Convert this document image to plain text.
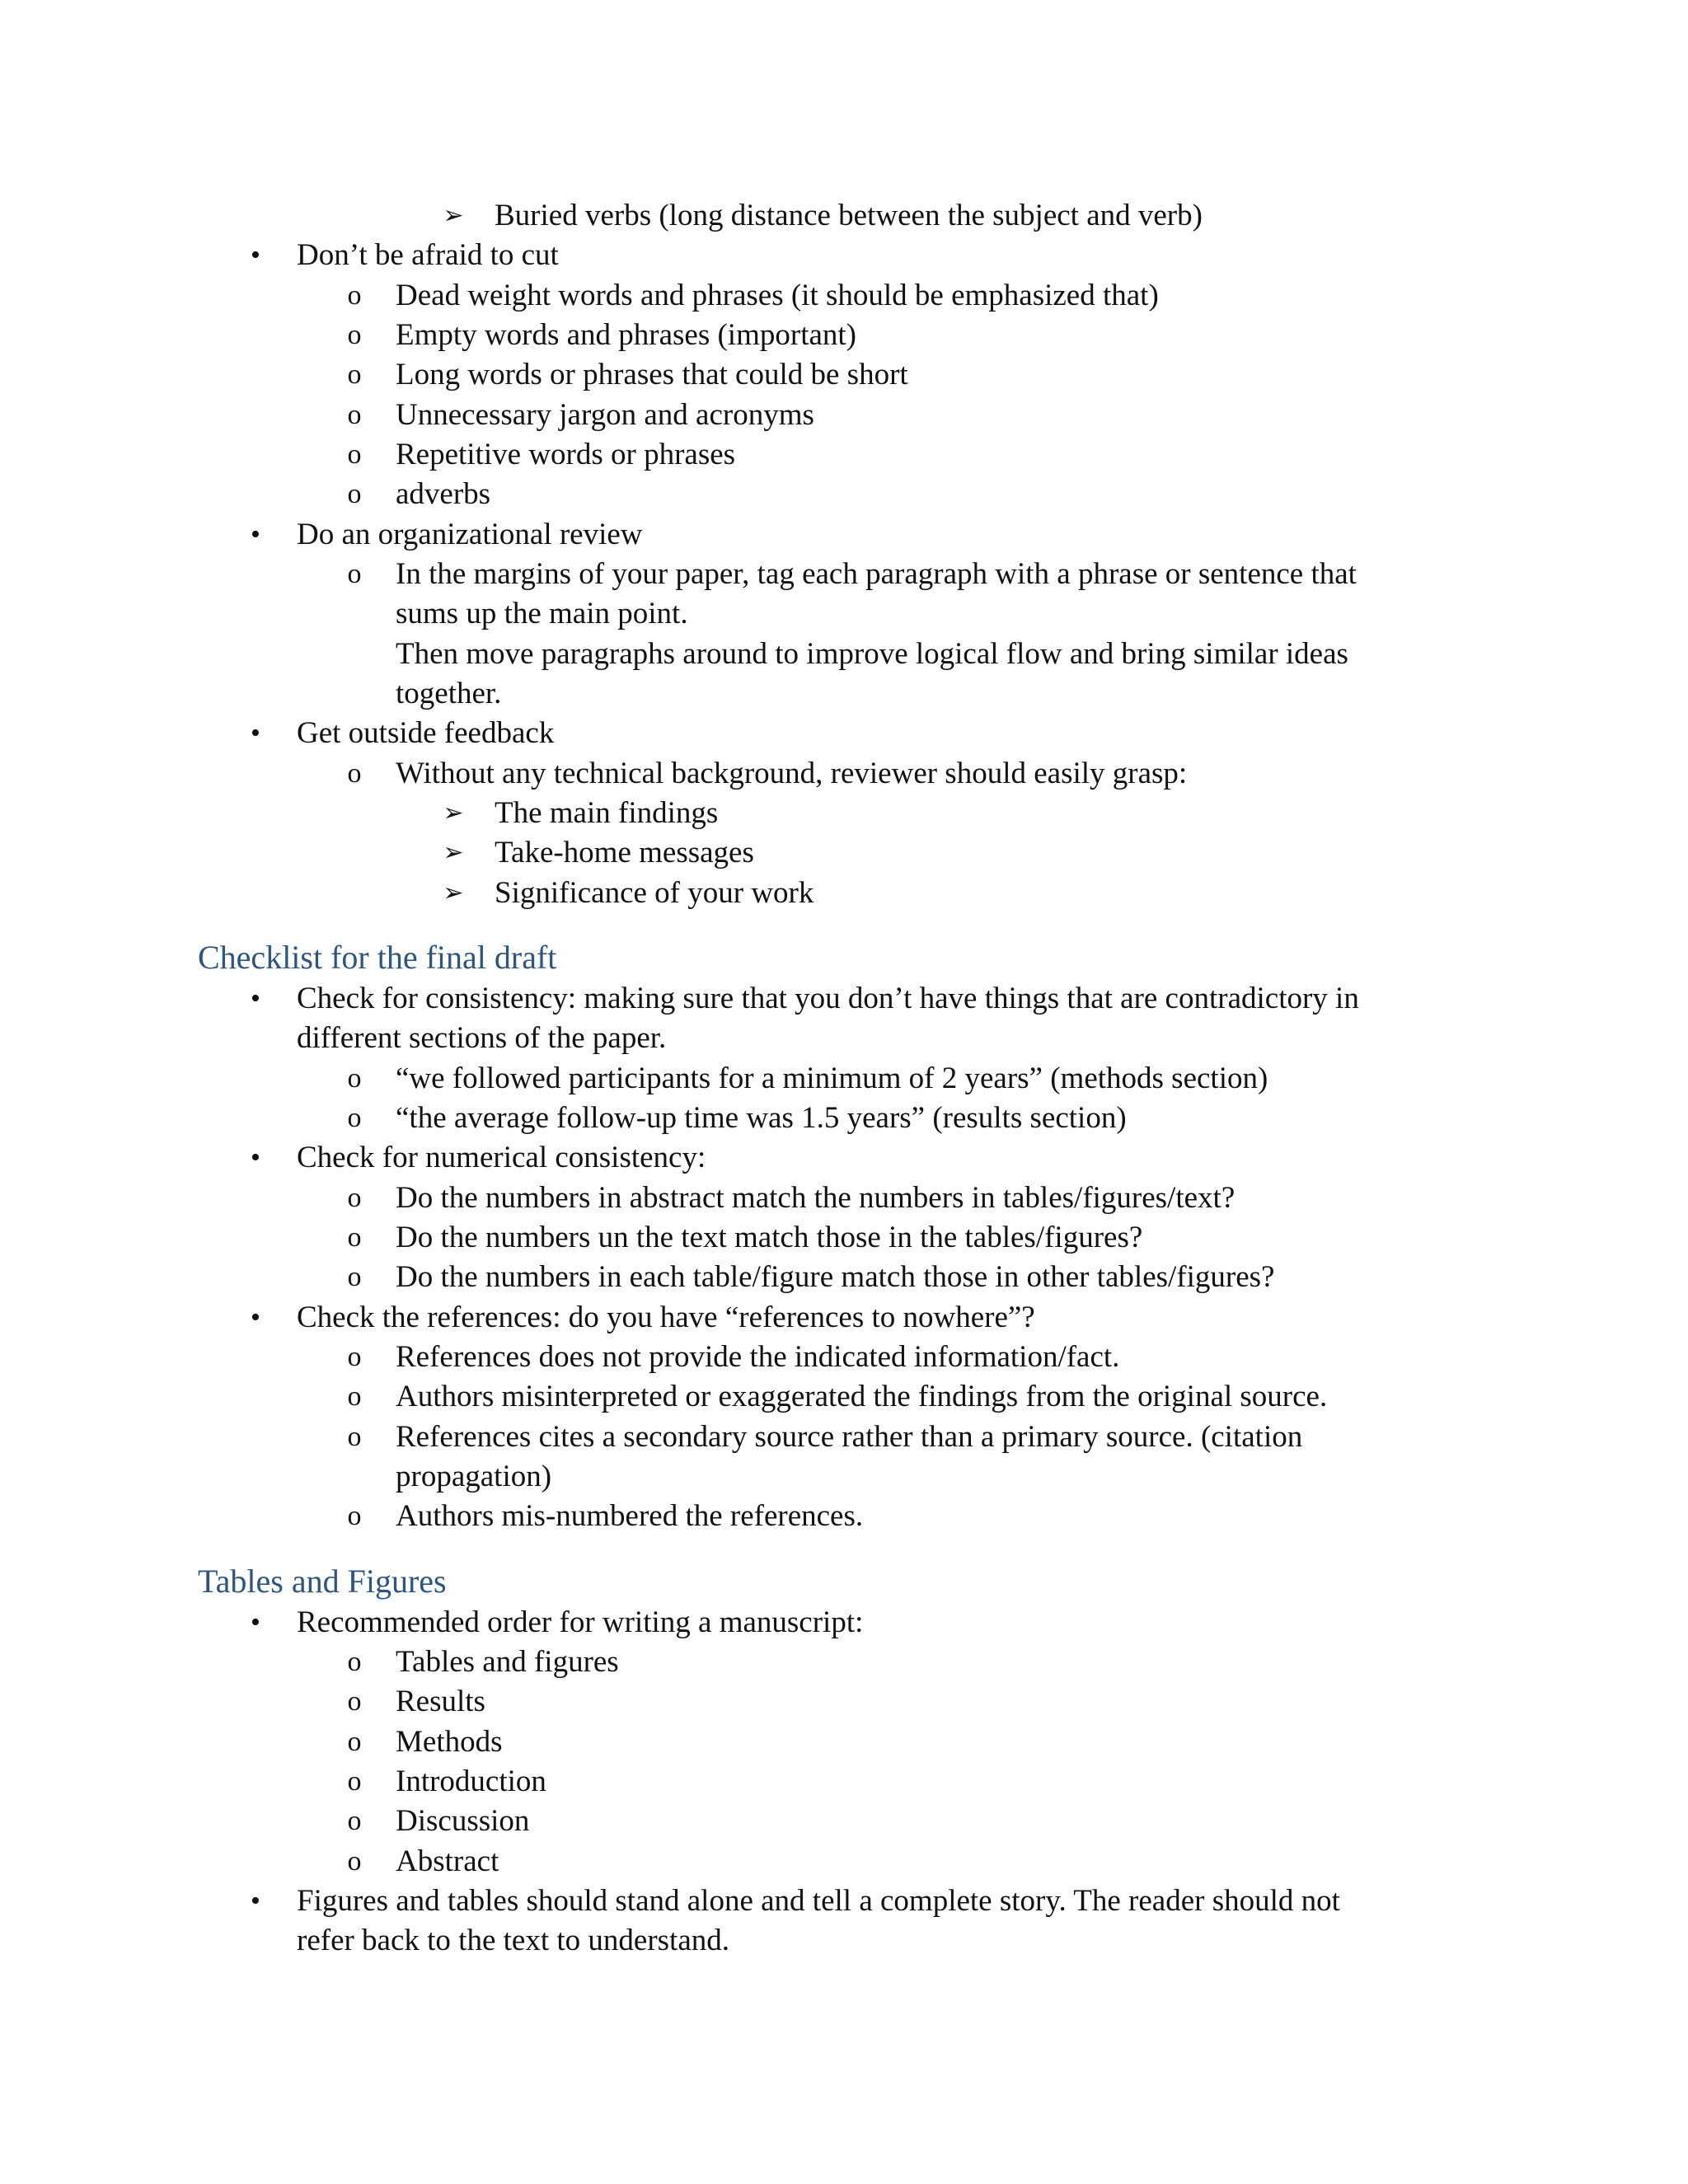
➢ Buried verbs (long distance between the subject and verb)
• Don’t be afraid to cut
o Dead weight words and phrases (it should be emphasized that)
o Empty words and phrases (important)
o Long words or phrases that could be short
o Unnecessary jargon and acronyms
o Repetitive words or phrases
o adverbs
• Do an organizational review
o In the margins of your paper, tag each paragraph with a phrase or sentence that
sums up the main point.
Then move paragraphs around to improve logical flow and bring similar ideas
together.
• Get outside feedback
o Without any technical background, reviewer should easily grasp:
➢ The main findings
➢ Take-home messages
➢ Significance of your work
Checklist for the final draft
• Check for consistency: making sure that you don’t have things that are contradictory in
different sections of the paper.
o “we followed participants for a minimum of 2 years” (methods section)
o “the average follow-up time was 1.5 years” (results section)
• Check for numerical consistency:
o Do the numbers in abstract match the numbers in tables/figures/text?
o Do the numbers un the text match those in the tables/figures?
o Do the numbers in each table/figure match those in other tables/figures?
• Check the references: do you have “references to nowhere”?
o References does not provide the indicated information/fact.
o Authors misinterpreted or exaggerated the findings from the original source.
o References cites a secondary source rather than a primary source. (citation
propagation)
o Authors mis-numbered the references.
Tables and Figures
• Recommended order for writing a manuscript:
o Tables and figures
o Results
o Methods
o Introduction
o Discussion
o Abstract
• Figures and tables should stand alone and tell a complete story. The reader should not
refer back to the text to understand.
